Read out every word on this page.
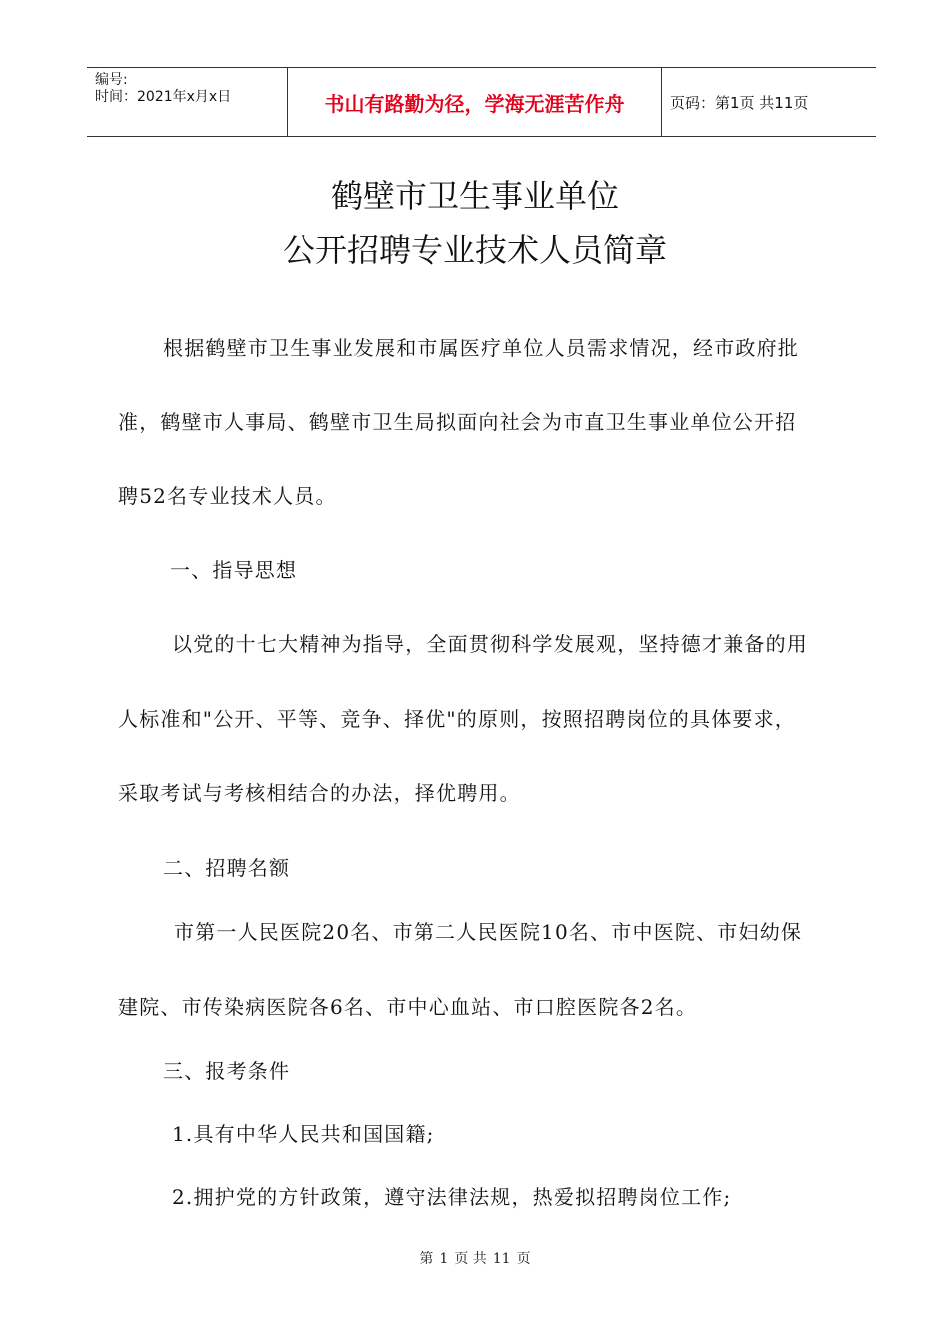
编号:
时间：2021年x月x日	书山有路勤为径，学海无涯苦作舟	页码：第1页 共11页
鹤壁市卫生事业单位
公开招聘专业技术人员简章
根据鹤壁市卫生事业发展和市属医疗单位人员需求情况，经市政府批
准，鹤壁市人事局、鹤壁市卫生局拟面向社会为市直卫生事业单位公开招
聘52名专业技术人员。
一、指导思想
以党的十七大精神为指导，全面贯彻科学发展观，坚持德才兼备的用
人标准和"公开、平等、竞争、择优"的原则，按照招聘岗位的具体要求，
采取考试与考核相结合的办法，择优聘用。
二、招聘名额
市第一人民医院20名、市第二人民医院10名、市中医院、市妇幼保
建院、市传染病医院各6名、市中心血站、市口腔医院各2名。
三、报考条件
1.具有中华人民共和国国籍;
2.拥护党的方针政策，遵守法律法规，热爱拟招聘岗位工作;
第 1 页 共 11 页
